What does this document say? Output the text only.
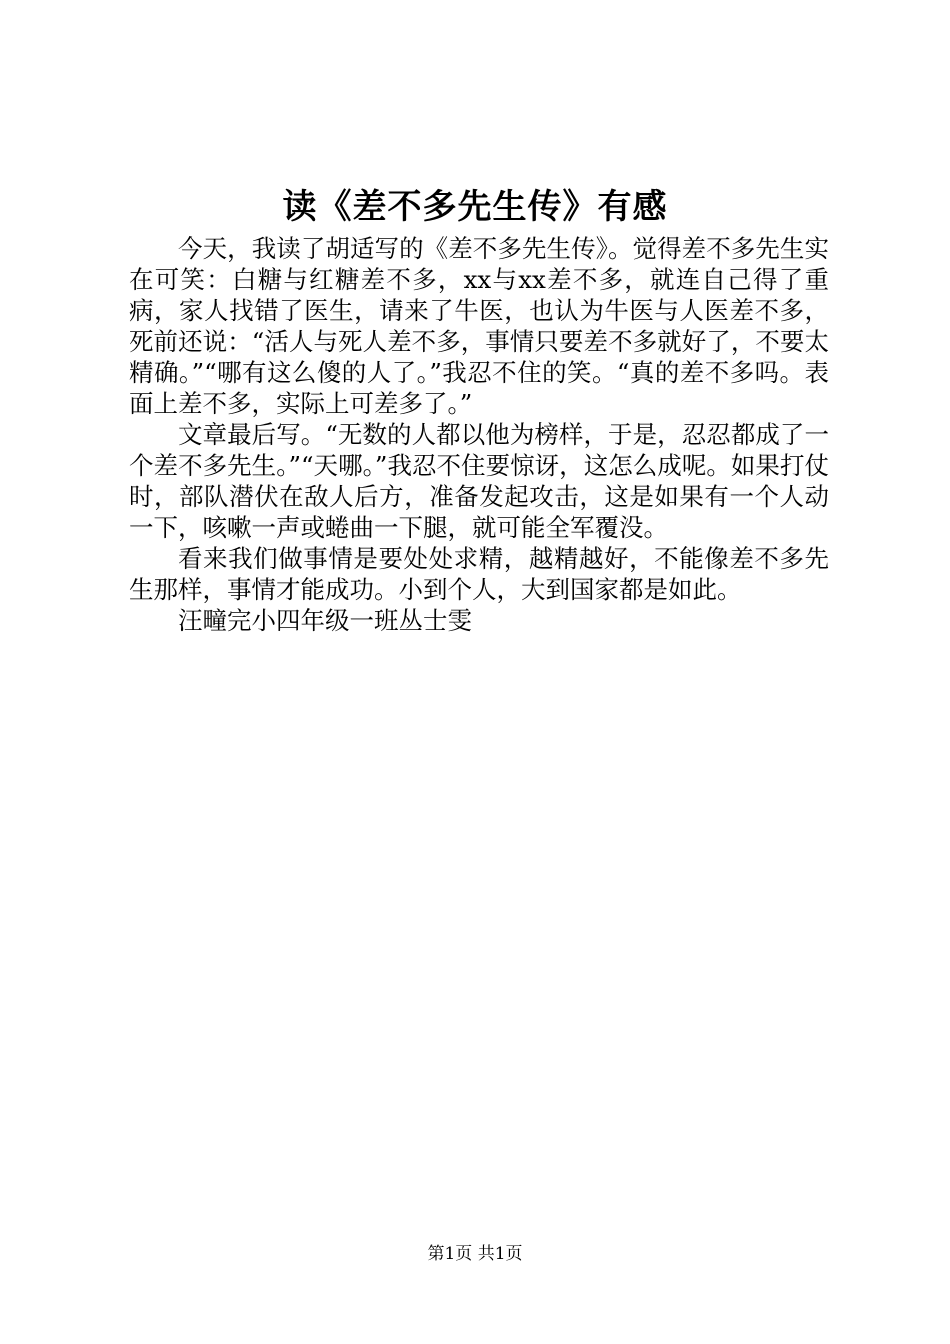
读《差不多先生传》有感

今天，我读了胡适写的《差不多先生传》。觉得差不多先生实在可笑：白糖与红糖差不多，xx与xx差不多，就连自己得了重病，家人找错了医生，请来了牛医，也认为牛医与人医差不多，死前还说：“活人与死人差不多，事情只要差不多就好了，不要太精确。”“哪有这么傻的人了。”我忍不住的笑。“真的差不多吗。表面上差不多，实际上可差多了。”

文章最后写。“无数的人都以他为榜样，于是，忍忍都成了一个差不多先生。”“天哪。”我忍不住要惊讶，这怎么成呢。如果打仗时，部队潜伏在敌人后方，准备发起攻击，这是如果有一个人动一下，咳嗽一声或蜷曲一下腿，就可能全军覆没。

看来我们做事情是要处处求精，越精越好，不能像差不多先生那样，事情才能成功。小到个人，大到国家都是如此。

汪疃完小四年级一班丛士雯

第1页 共1页
